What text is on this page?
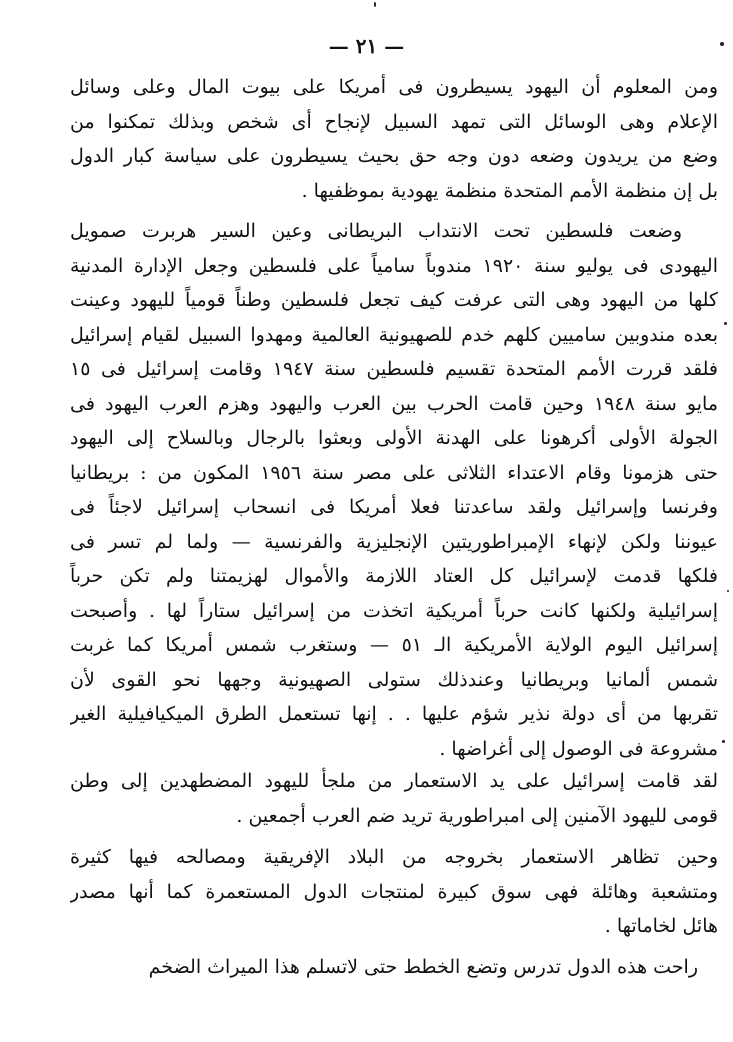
— ٢١ —
ومن المعلوم أن اليهود يسيطرون فى أمريكا على بيوت المال وعلى وسائل
الإعلام وهى الوسائل التى تمهد السبيل لإنجاح أى شخص وبذلك تمكنوا من
وضع من يريدون وضعه دون وجه حق بحيث يسيطرون على سياسة كبار الدول
بل إن منظمة الأمم المتحدة منظمة يهودية بموظفيها .
وضعت فلسطين تحت الانتداب البريطانى وعين السير هربرت صمويل
اليهودى فى يوليو سنة ١٩٢٠ مندوباً سامياً على فلسطين وجعل الإدارة المدنية
كلها من اليهود وهى التى عرفت كيف تجعل فلسطين وطناً قومياً لليهود وعينت
بعده مندوبين ساميين كلهم خدم للصهيونية العالمية ومهدوا السبيل لقيام إسرائيل
فلقد قررت الأمم المتحدة تقسيم فلسطين سنة ١٩٤٧ وقامت إسرائيل فى ١٥
مايو سنة ١٩٤٨ وحين قامت الحرب بين العرب واليهود وهزم العرب اليهود فى
الجولة الأولى أكرهونا على الهدنة الأولى وبعثوا بالرجال وبالسلاح إلى اليهود
حتى هزمونا وقام الاعتداء الثلاثى على مصر سنة ١٩٥٦ المكون من : بريطانيا
وفرنسا وإسرائيل ولقد ساعدتنا فعلا أمريكا فى انسحاب إسرائيل لاجئاً فى
عيوننا ولكن لإنهاء الإمبراطوريتين الإنجليزية والفرنسية — ولما لم تسر فى
فلكها قدمت لإسرائيل كل العتاد اللازمة والأموال لهزيمتنا ولم تكن حرباً
إسرائيلية ولكنها كانت حرباً أمريكية اتخذت من إسرائيل ستاراً لها . وأصبحت
إسرائيل اليوم الولاية الأمريكية الـ ٥١ — وستغرب شمس أمريكا كما غربت
شمس ألمانيا وبريطانيا وعندذلك ستولى الصهيونية وجهها نحو القوى لأن
تقربها من أى دولة نذير شؤم عليها . . إنها تستعمل الطرق الميكيافيلية الغير
مشروعة فى الوصول إلى أغراضها .
لقد قامت إسرائيل على يد الاستعمار من ملجأ لليهود المضطهدين إلى وطن
قومى لليهود الآمنين إلى امبراطورية تريد ضم العرب أجمعين .
وحين تظاهر الاستعمار بخروجه من البلاد الإفريقية ومصالحه فيها كثيرة
ومتشعبة وهائلة فهى سوق كبيرة لمنتجات الدول المستعمرة كما أنها مصدر
هائل لخاماتها .
راحت هذه الدول تدرس وتضع الخطط حتى لاتسلم هذا الميراث الضخم
